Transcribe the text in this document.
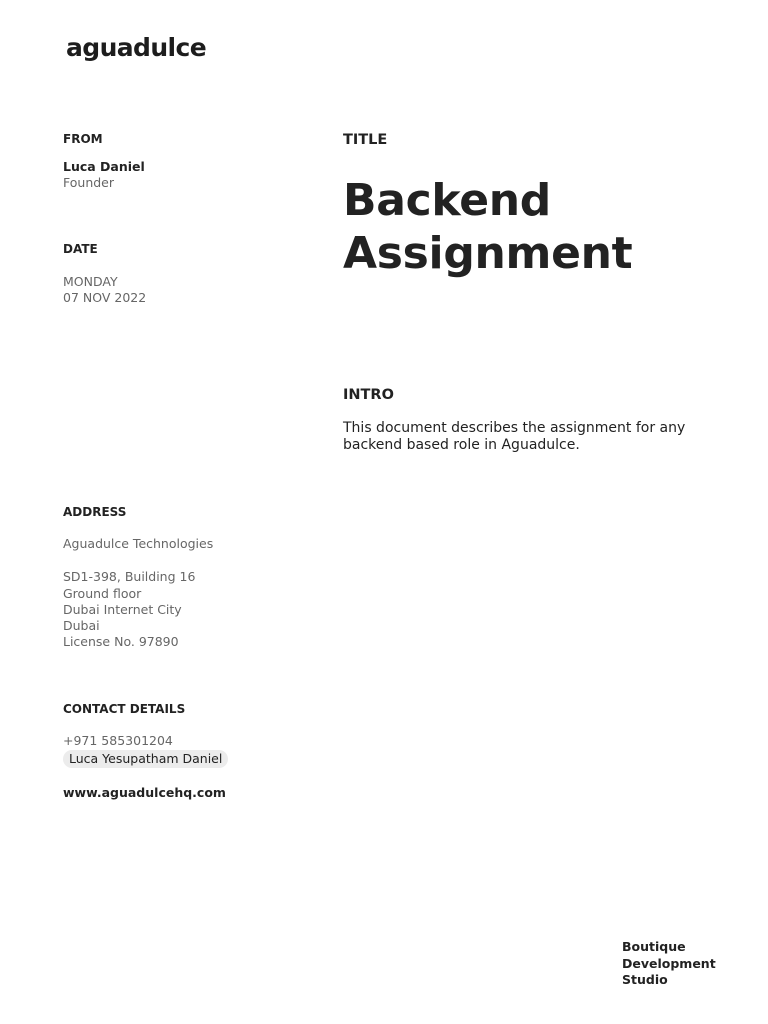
aguadulce
FROM
Luca Daniel
Founder
DATE
MONDAY
07 NOV 2022
TITLE
Backend
Assignment
INTRO
This document describes the assignment for any backend based role in Aguadulce.
ADDRESS
Aguadulce Technologies
SD1-398, Building 16
Ground floor
Dubai Internet City
Dubai
License No. 97890
CONTACT DETAILS
+971 585301204
Luca Yesupatham Daniel
www.aguadulcehq.com
Boutique
Development
Studio
